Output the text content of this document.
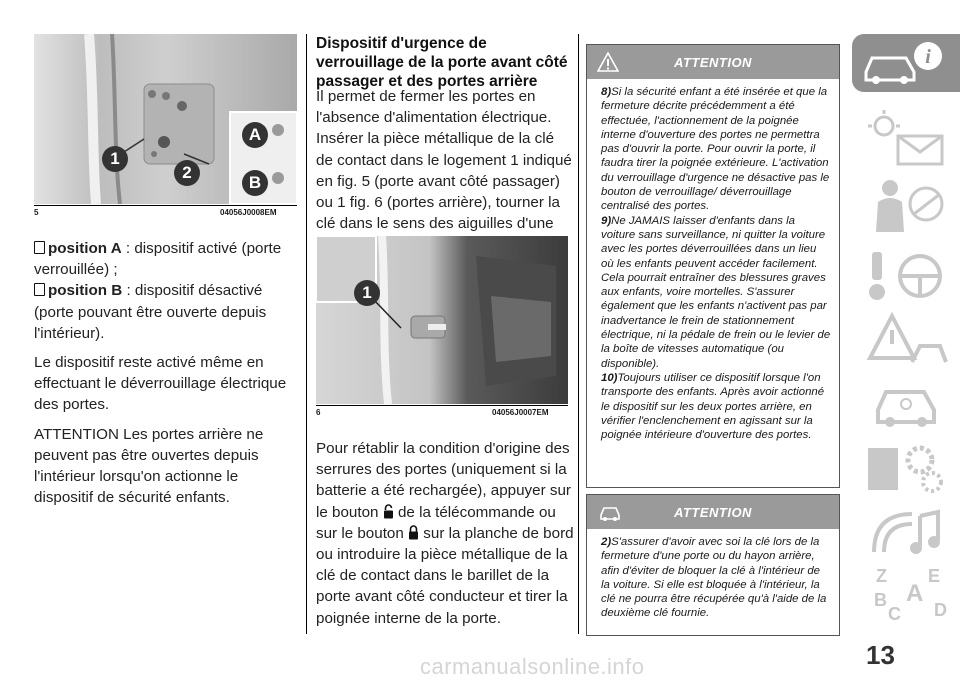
1
2
A
B
5	04056J0008EM

position A : dispositif activé (porte verrouillée) ;

position B : dispositif désactivé (porte pouvant être ouverte depuis l'intérieur).

Le dispositif reste activé même en effectuant le déverrouillage électrique des portes.

ATTENTION Les portes arrière ne peuvent pas être ouvertes depuis l'intérieur lorsqu'on actionne le dispositif de sécurité enfants.

Dispositif d'urgence de verrouillage de la porte avant côté passager et des portes arrière

Il permet de fermer les portes en l'absence d'alimentation électrique. Insérer la pièce métallique de la clé de contact dans le logement 1 indiqué en fig. 5 (porte avant côté passager) ou 1 fig. 6 (portes arrière), tourner la clé dans le sens des aiguilles d'une

1
6	04056J0007EM

Pour rétablir la condition d'origine des serrures des portes (uniquement si la batterie a été rechargée), appuyer sur le bouton de la télécommande ou sur le bouton sur la planche de bord ou introduire la pièce métallique de la clé de contact dans le barillet de la porte avant côté conducteur et tirer la poignée interne de la porte.

ATTENTION

8)Si la sécurité enfant a été insérée et que la fermeture décrite précédemment a été effectuée, l'actionnement de la poignée interne d'ouverture des portes ne permettra pas d'ouvrir la porte. Pour ouvrir la porte, il faudra tirer la poignée extérieure. L'activation du verrouillage d'urgence ne désactive pas le bouton de verrouillage/ déverrouillage centralisé des portes.

9)Ne JAMAIS laisser d'enfants dans la voiture sans surveillance, ni quitter la voiture avec les portes déverrouillées dans un lieu où les enfants peuvent accéder facilement. Cela pourrait entraîner des blessures graves aux enfants, voire mortelles. S'assurer également que les enfants n'activent pas par inadvertance le frein de stationnement électrique, ni la pédale de frein ou le levier de la boîte de vitesses automatique (ou disponible).

10)Toujours utiliser ce dispositif lorsque l'on transporte des enfants. Après avoir actionné le dispositif sur les deux portes arrière, en vérifier l'enclenchement en agissant sur la poignée intérieure d'ouverture des portes.

ATTENTION

2)S'assurer d'avoir avec soi la clé lors de la fermeture d'une porte ou du hayon arrière, afin d'éviter de bloquer la clé à l'intérieur de la voiture. Si elle est bloquée à l'intérieur, la clé ne pourra être récupérée qu'à l'aide de la deuxième clé fournie.

i
Z E
A
B
C D
13
carmanualsonline.info
